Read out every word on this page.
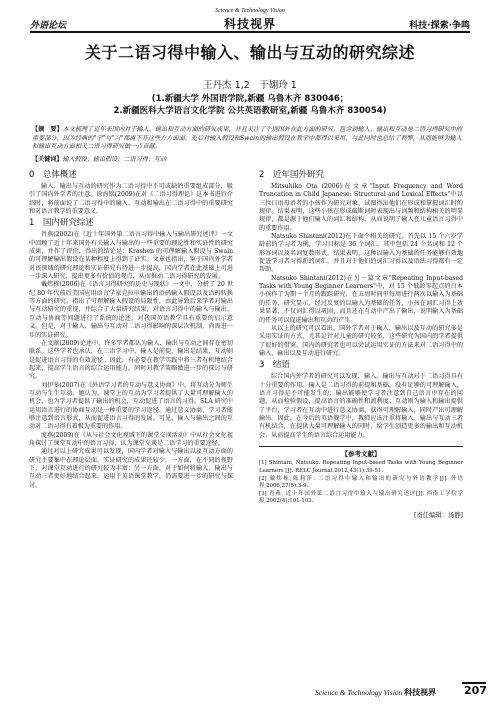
Science & Technology Vision
外语论坛	科技视界	科技·探索·争鸣
关于二语习得中输入、输出与互动的研究综述
王丹杰 1,2　于翃玲 1
(1.新疆大学 外国语学院,新疆 乌鲁木齐 830046；
2.新疆医科大学语言文化学院 公共英语教研室,新疆 乌鲁木齐 830054)
【摘　要】本文梳理了近年来国内对于输入、输出和互动方面的研究成果，并且关注了个别国外在此方面的研究。包含到输入、输出和互动是二语习得研究中的重要部分，因为经典的"学"与"习"都离不开这些方方面面。先后对输入假设和Swain的输出假设在教学中都得以采用，与此同时也总结了利弊，从而能够为输入和输出互动方面相关二语习得研究做一点贡献。
【关键词】输入假设；输出假设；二语习得；互动
0　总体概述

输入、输出与互动的研究作为二语习得中不可或缺的重要组成部分，吸引了国内外学者的注意。徐海铭(2009)在对《二语习得理论》这本书进行介绍时，将前面说了二语习得中的输入、互动和输出在二语习得中的重要研究和对语言教学的重要意义。

1　国内研究综述

肖燕(2002)在《近十年国外第二语言习得中输入与输出研究述评》一文中回顾了近十年来国外有关输入与输出的一些重要的理论性和实证性的研究成果，并作了评价，得出的结论是：Krashen 的可理解输入假设与 Swain 的可理解输出假设在某种程度上得到了证实。文章也指出，鉴于国内外学者对该领域的研究理论和实证研究有待进一步提高，国内学者在此基础上可进一步深入研究，提出更多有价值的观点，从而推动二语习得研究的发展。

戴炜栋(2006)在《语言习得研究的历史与现状》一文中，分析了 20 世纪 80 年代前后美国应用语言学家克拉申输出的语码输入假设以及语码转换等方面的研究，指出了可理解输入假设的局限性，由此导致后来学者对输出与互动研究的重视，并综合了大量研究结果，对语言习得中的输入与输出、互动与协商等问题进行了系统的论述，对我国英语教学具有重要的启示意义。但是，对于输入、输出与互动对二语习得影响的深层次机制，尚需进一步的实证研究。

在文献(2009)论述中，许多学者都认为输入、输出与互动之间存在密切联系。这些学者也承认，在二语学习中，输入是前提，输出是结果，互动则是促进语言习得的有效途径。因此，有必要在教学实践中将三者有机地结合起来，提高学生语言的综合运用能力，同时对教学策略做进一步的探讨与研究。

刘伊多(2007)在《外语学习者的互动与意义协商》中，将互动分为师生互动与生生互动。她认为，课堂上的互动为学习者提供了大量可理解输入的机会，也为学习者提供了输出的机会，互动促进了语言的习得。SLA 研究中运用语言进行的协商互动是一种重要的学习途径。通过意义协商，学习者能够注意到语言形式，从而促进语言习得的发展。可见，输入与输出之间的互动对二语习得有着极为重要的作用。

庞燕(2009)在《从与社会文化视域下的课堂交谈活动》中从社会文化视角探讨了课堂互动中的语言习得，认为课堂交谈是二语学习的重要途径。

通过对以上研究成果可以发现，国内学者对输入与输出以及互动方面的研究主要集中在理论层面，实证研究的成果还较少。一方面，在不同的视野下，对课堂互动进行的研究较为丰富；另一方面，对于如何将输入、输出与互动三者更好地结合起来，运用于英语课堂教学，仍需要进一步的研究与探讨。

2　近年国外研究

Mitsuhiko Ota (2006)在文章"Input Frequency and Word Truncation in Child Japanese: Structural and Lexical Effects"中以三位日语母语者的小孩作为研究对象，试图得出他们在形成和掌握词汇时的规律。结果表明，这些小孩在形成截断词时表现出与词频和结构相关的明显规律，都是源于他们输入的词汇和结构，从而说明了输入在儿童语言习得中的重要作用。

Natsuko Shintani(2012)在下面个相关的研究。首先以 15 个六岁学龄前的学习者为例，学习目标是 36 个词汇，其中包括 24 个名词和 12 个形容词以及名词复数形式。结果表明，这种以输入为基础的任务能够有效地促进学习者习得新的词汇，并且对于他们的词汇习得以及语法习得都有一定帮助。

Natsuko Shintani(2012)在另一篇文章"Repeating Input-based Tasks with Young Beginner Learners"中，对 15 个低龄零起点的日本小孩作了为期一个月的跟踪研究，在五周时间里每周进行两次以输入为基础的任务，研究显示，经过反复的以输入为基础的任务，小孩在词汇习得上效果显著，不仅词汇得以巩固，而且还在互动中产出了输出，说明输入为基础的任务可以促进输出和互动的产生。

从以上的研究可以看出，国外学者对于输入、输出以及互动的研究多是采用实证的方式，尤其是针对儿童的研究较多，这些研究为国内的学者提供了很好的借鉴，国内的研究者也可以尝试运用实证的方法来对二语习得中的输入、输出以及互动进行研究。

3　结语

综合国内外学者的研究可以发现，输入、输出与互动对于二语习得具有十分重要的作用。输入是二语习得的前提和基础，没有足够的可理解输入，语言习得是不可能发生的；输出能够使学习者注意到自己语言中存在的问题，从而检验假设，提高语言的准确性和流利度；互动则为输入和输出提供了平台，学习者在互动中进行意义协商，获得可理解输入，同时产出可理解输出。因此，在今后的英语教学中，教师应该注重将输入、输出与互动三者有机结合，在提供大量可理解输入的同时，给学生创造更多的输出和互动机会，从而提高学生的语言综合运用能力。

【参考文献】
[1] Shintani, Natsuko. Repeating Input-based Tasks with Young Beginner Learners [J]. RELC Journal,2012,43(1):39-51.
[2] 戴炜栋,陈莉萍. 二语习得中输入和输出的研究与外语教学[J]. 外语界,2006,27(6):3-9.
[3] 肖燕. 近十年国外第二语言习得中输入与输出研究述评[J]. 西南工学院学报,2002(4):101-103.
[责任编辑：汤静]
Science & Technology Vision 科技视界	207
